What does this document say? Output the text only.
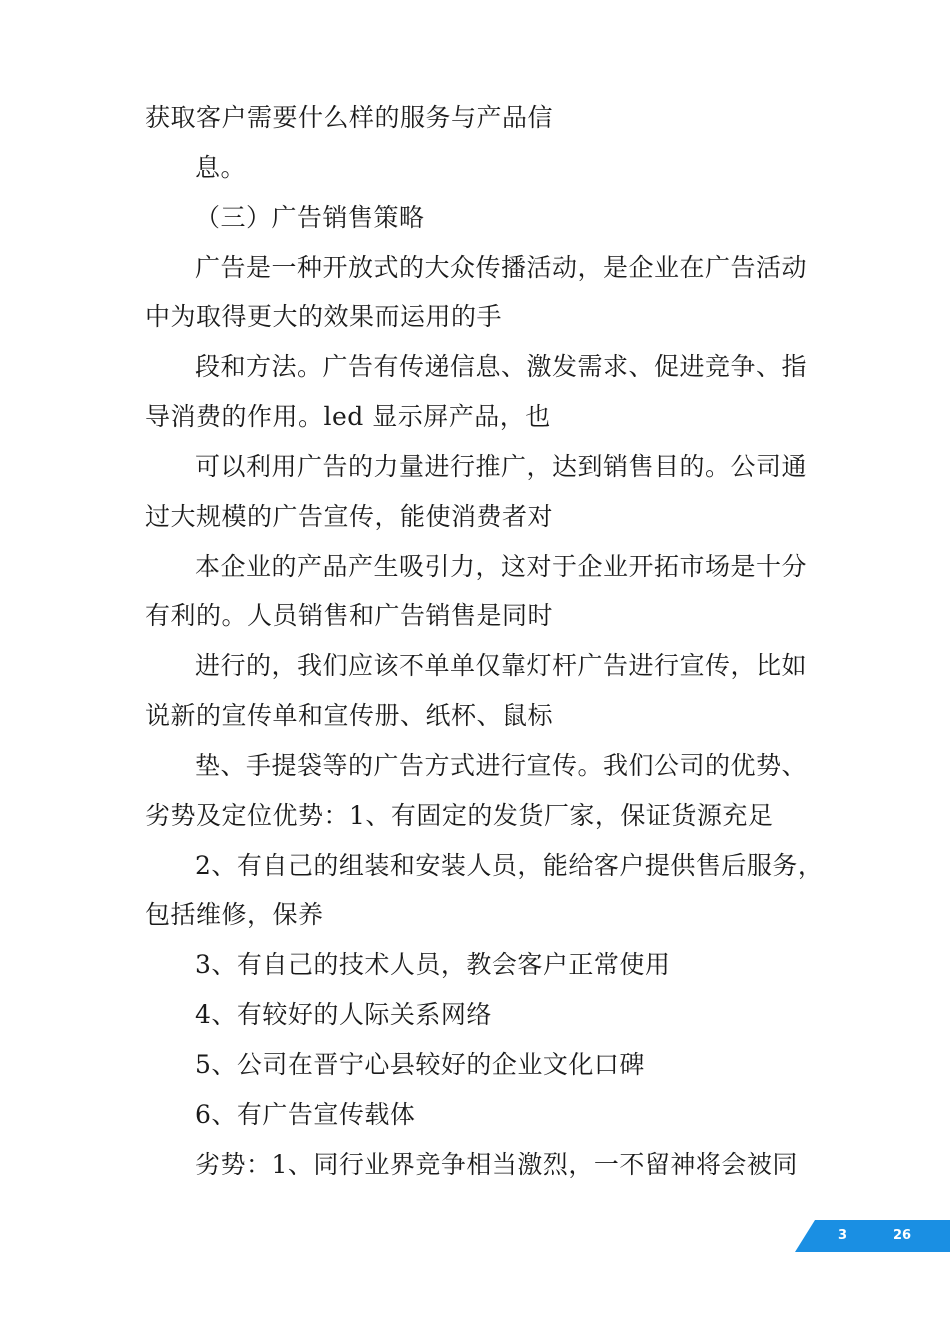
获取客户需要什么样的服务与产品信
息。
（三）广告销售策略
广告是一种开放式的大众传播活动，是企业在广告活动
中为取得更大的效果而运用的手
段和方法。广告有传递信息、激发需求、促进竞争、指
导消费的作用。led 显示屏产品，也
可以利用广告的力量进行推广，达到销售目的。公司通
过大规模的广告宣传，能使消费者对
本企业的产品产生吸引力，这对于企业开拓市场是十分
有利的。人员销售和广告销售是同时
进行的，我们应该不单单仅靠灯杆广告进行宣传，比如
说新的宣传单和宣传册、纸杯、鼠标
垫、手提袋等的广告方式进行宣传。我们公司的优势、
劣势及定位优势：1、有固定的发货厂家，保证货源充足
2、有自己的组装和安装人员，能给客户提供售后服务，
包括维修，保养
3、有自己的技术人员，教会客户正常使用
4、有较好的人际关系网络
5、公司在晋宁心县较好的企业文化口碑
6、有广告宣传载体
劣势：1、同行业界竞争相当激烈，一不留神将会被同
3	26
